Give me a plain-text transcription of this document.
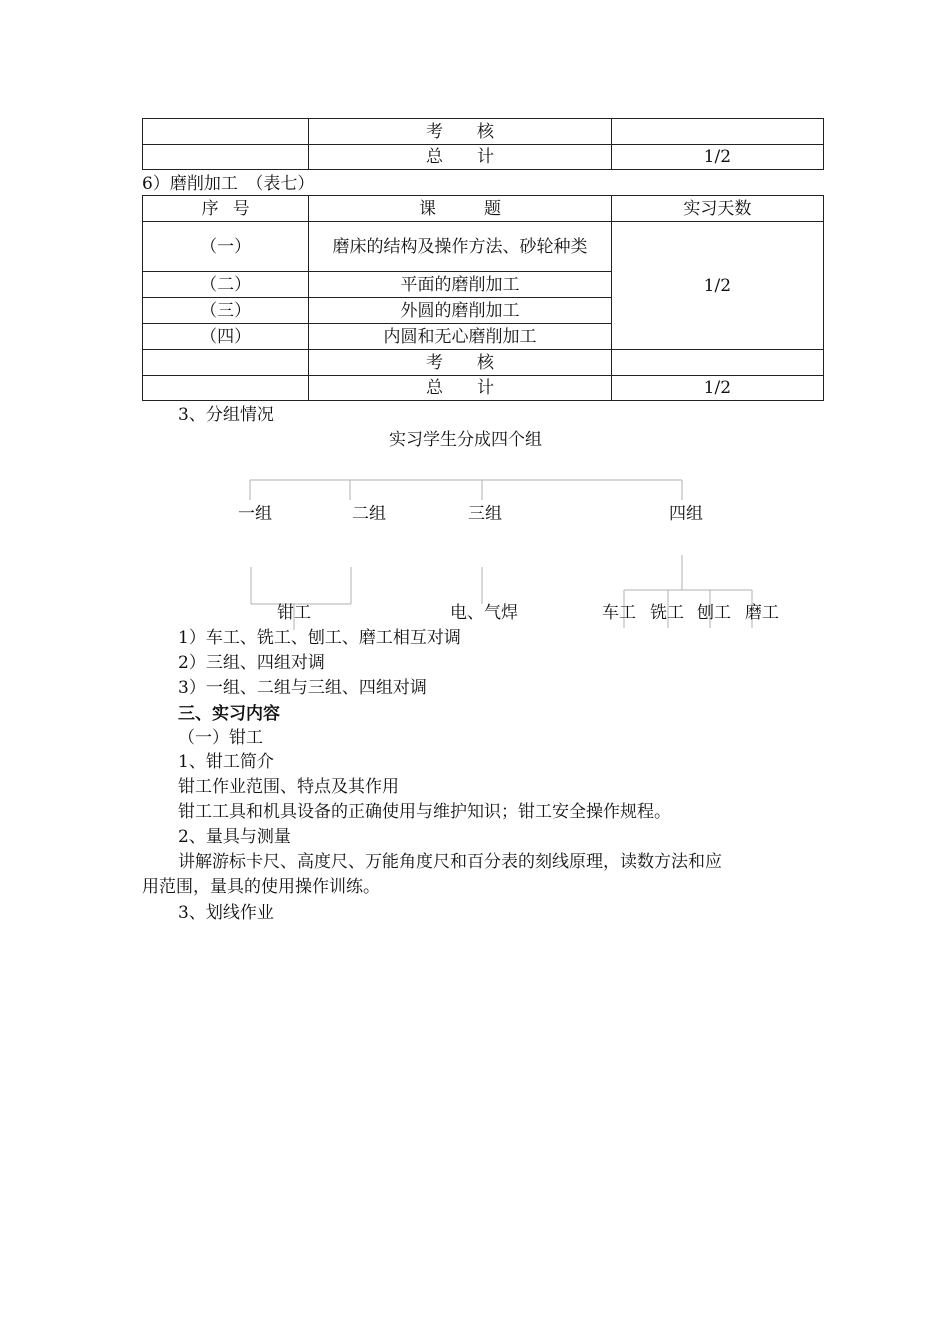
	考 核	
	总 计	1/2
6）磨削加工　（表七）
序 号	课 题	实习天数
（一）	磨床的结构及操作方法、砂轮种类	1/2
（二）	平面的磨削加工	
（三）	外圆的磨削加工	
（四）	内圆和无心磨削加工	
	考 核	
	总 计	1/2
3、分组情况
实习学生分成四个组
一组	二组	三组	四组
钳工	电、气焊	车工 铣工 刨工 磨工
1）车工、铣工、刨工、磨工相互对调
2）三组、四组对调
3）一组、二组与三组、四组对调
三、实习内容
（一）钳工
1、钳工简介
钳工作业范围、特点及其作用
钳工工具和机具设备的正确使用与维护知识；钳工安全操作规程。
2、量具与测量
讲解游标卡尺、高度尺、万能角度尺和百分表的刻线原理，读数方法和应
用范围，量具的使用操作训练。
3、划线作业
